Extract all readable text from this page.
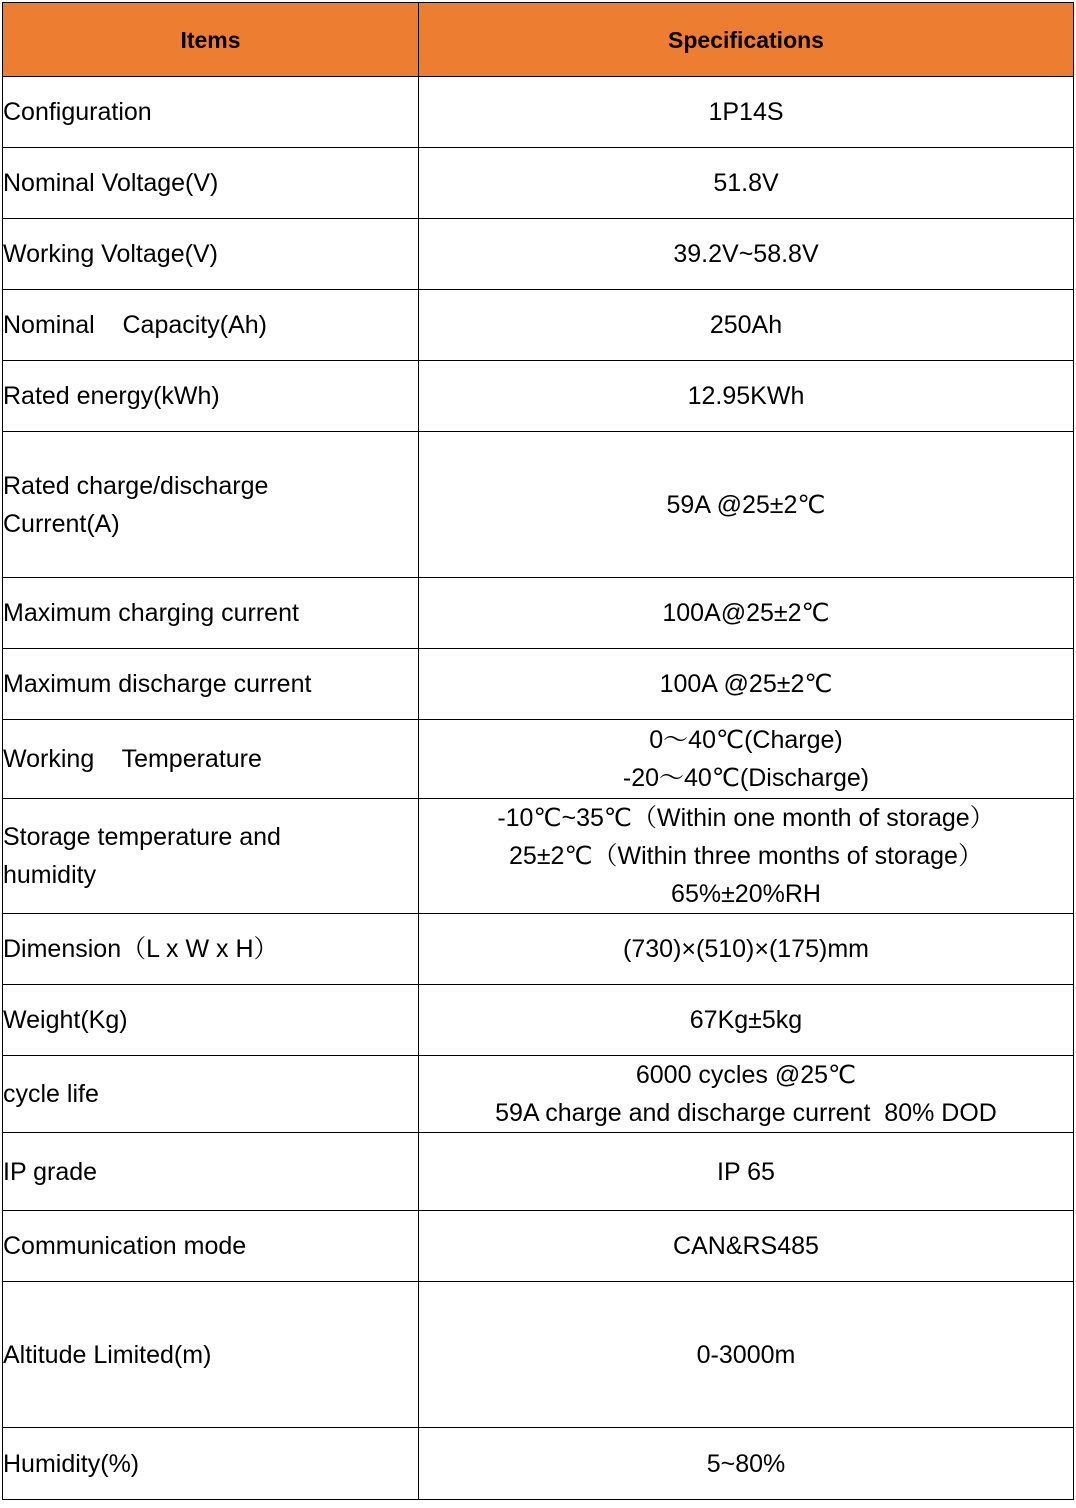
Items	Specifications
Configuration	1P14S

Nominal Voltage(V)	51.8V

Working Voltage(V)	39.2V~58.8V

Nominal    Capacity(Ah)	250Ah

Rated energy(kWh)	12.95KWh

Rated charge/discharge
Current(A)	59A @25±2℃

Maximum charging current	100A@25±2℃

Maximum discharge current	100A @25±2℃

Working    Temperature	0～40℃(Charge)
-20～40℃(Discharge)

Storage temperature and
humidity	-10℃~35℃（Within one month of storage）
25±2℃（Within three months of storage）
65%±20%RH

Dimension（L x W x H）	(730)×(510)×(175)mm

Weight(Kg)	67Kg±5kg

cycle life	6000 cycles @25℃
59A charge and discharge current  80% DOD

IP grade	IP 65

Communication mode	CAN&RS485

Altitude Limited(m)	0-3000m

Humidity(%)	5~80%
